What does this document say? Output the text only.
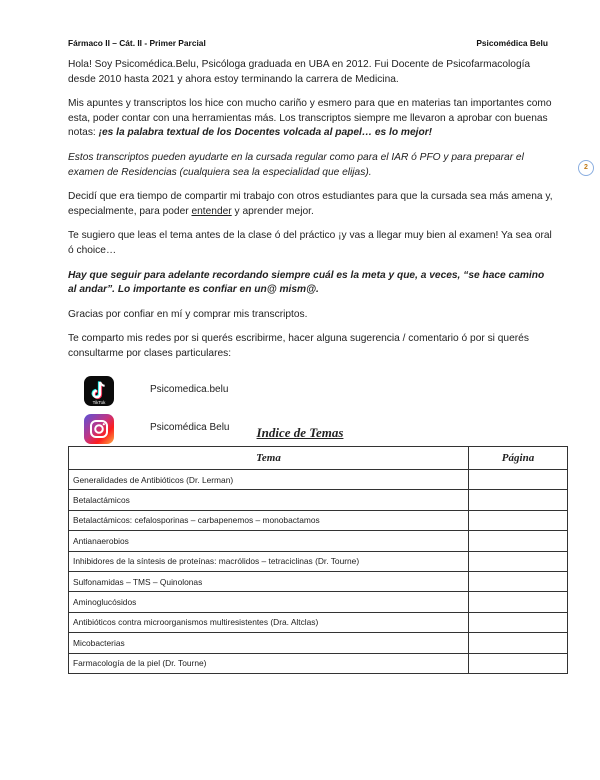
Fármaco II – Cát. II - Primer Parcial	Psicomédica Belu
2

Hola! Soy Psicomédica.Belu, Psicóloga graduada en UBA en 2012. Fui Docente de Psicofarmacología desde 2010 hasta 2021 y ahora estoy terminando la carrera de Medicina.

Mis apuntes y transcriptos los hice con mucho cariño y esmero para que en materias tan importantes como esta, poder contar con una herramientas más. Los transcriptos siempre me llevaron a aprobar con buenas notas: ¡es la palabra textual de los Docentes volcada al papel… es lo mejor!

Estos transcriptos pueden ayudarte en la cursada regular como para el IAR ó PFO y para preparar el examen de Residencias (cualquiera sea la especialidad que elijas).

Decidí que era tiempo de compartir mi trabajo con otros estudiantes para que la cursada sea más amena y, especialmente, para poder entender y aprender mejor.

Te sugiero que leas el tema antes de la clase ó del práctico ¡y vas a llegar muy bien al examen! Ya sea oral ó choice…

Hay que seguir para adelante recordando siempre cuál es la meta y que, a veces, “se hace camino al andar”. Lo importante es confiar en un@ mism@.

Gracias por confiar en mí y comprar mis transcriptos.

Te comparto mis redes por si querés escribirme, hacer alguna sugerencia / comentario ó por si querés consultarme por clases particulares:

TikTok
Psicomedica.belu
Psicomédica Belu	Indice de Temas
Tema	Página
Generalidades de Antibióticos (Dr. Lerman)	
Betalactámicos	
Betalactámicos: cefalosporinas – carbapenemos – monobactamos	
Antianaerobios	
Inhibidores de la síntesis de proteínas: macrólidos – tetraciclinas (Dr. Tourne)	
Sulfonamidas – TMS – Quinolonas	
Aminoglucósidos	
Antibióticos contra microorganismos multiresistentes (Dra. Altclas)	
Micobacterias	
Farmacología de la piel (Dr. Tourne)	
